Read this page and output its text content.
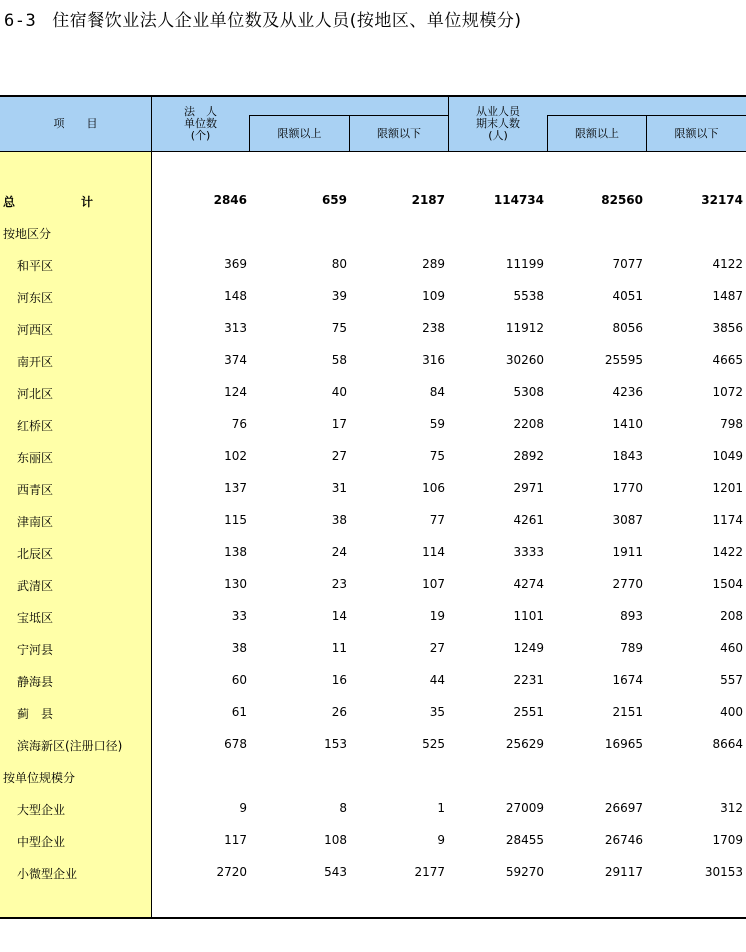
6-3 住宿餐饮业法人企业单位数及从业人员(按地区、单位规模分)
项　　目
法　人
单位数
(个)	限额以上	限额以下
从业人员
期末人数
(人)	限额以上	限额以下
总　　计	2846	659	2187	114734	82560	32174
按地区分
和平区	369	80	289	11199	7077	4122
河东区	148	39	109	5538	4051	1487
河西区	313	75	238	11912	8056	3856
南开区	374	58	316	30260	25595	4665
河北区	124	40	84	5308	4236	1072
红桥区	76	17	59	2208	1410	798
东丽区	102	27	75	2892	1843	1049
西青区	137	31	106	2971	1770	1201
津南区	115	38	77	4261	3087	1174
北辰区	138	24	114	3333	1911	1422
武清区	130	23	107	4274	2770	1504
宝坻区	33	14	19	1101	893	208
宁河县	38	11	27	1249	789	460
静海县	60	16	44	2231	1674	557
蓟　县	61	26	35	2551	2151	400
滨海新区(注册口径)	678	153	525	25629	16965	8664
按单位规模分
大型企业	9	8	1	27009	26697	312
中型企业	117	108	9	28455	26746	1709
小微型企业	2720	543	2177	59270	29117	30153
